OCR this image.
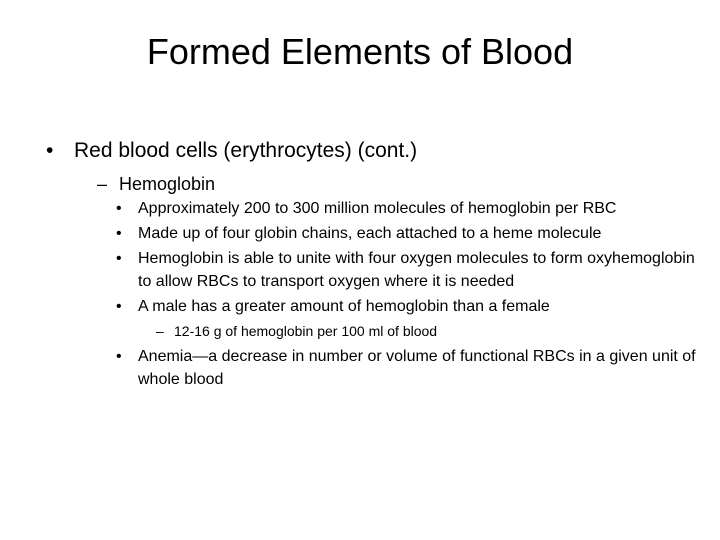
Formed Elements of Blood
• Red blood cells (erythrocytes) (cont.)
– Hemoglobin
•	Approximately 200 to 300 million molecules of hemoglobin per RBC
•	Made up of four globin chains, each attached to a heme molecule
•	Hemoglobin is able to unite with four oxygen molecules to form oxyhemoglobin to allow RBCs to transport oxygen where it is needed
•	A male has a greater amount of hemoglobin than a female
– 12-16 g of hemoglobin per 100 ml of blood
•	Anemia—a decrease in number or volume of functional RBCs in a given unit of whole blood
